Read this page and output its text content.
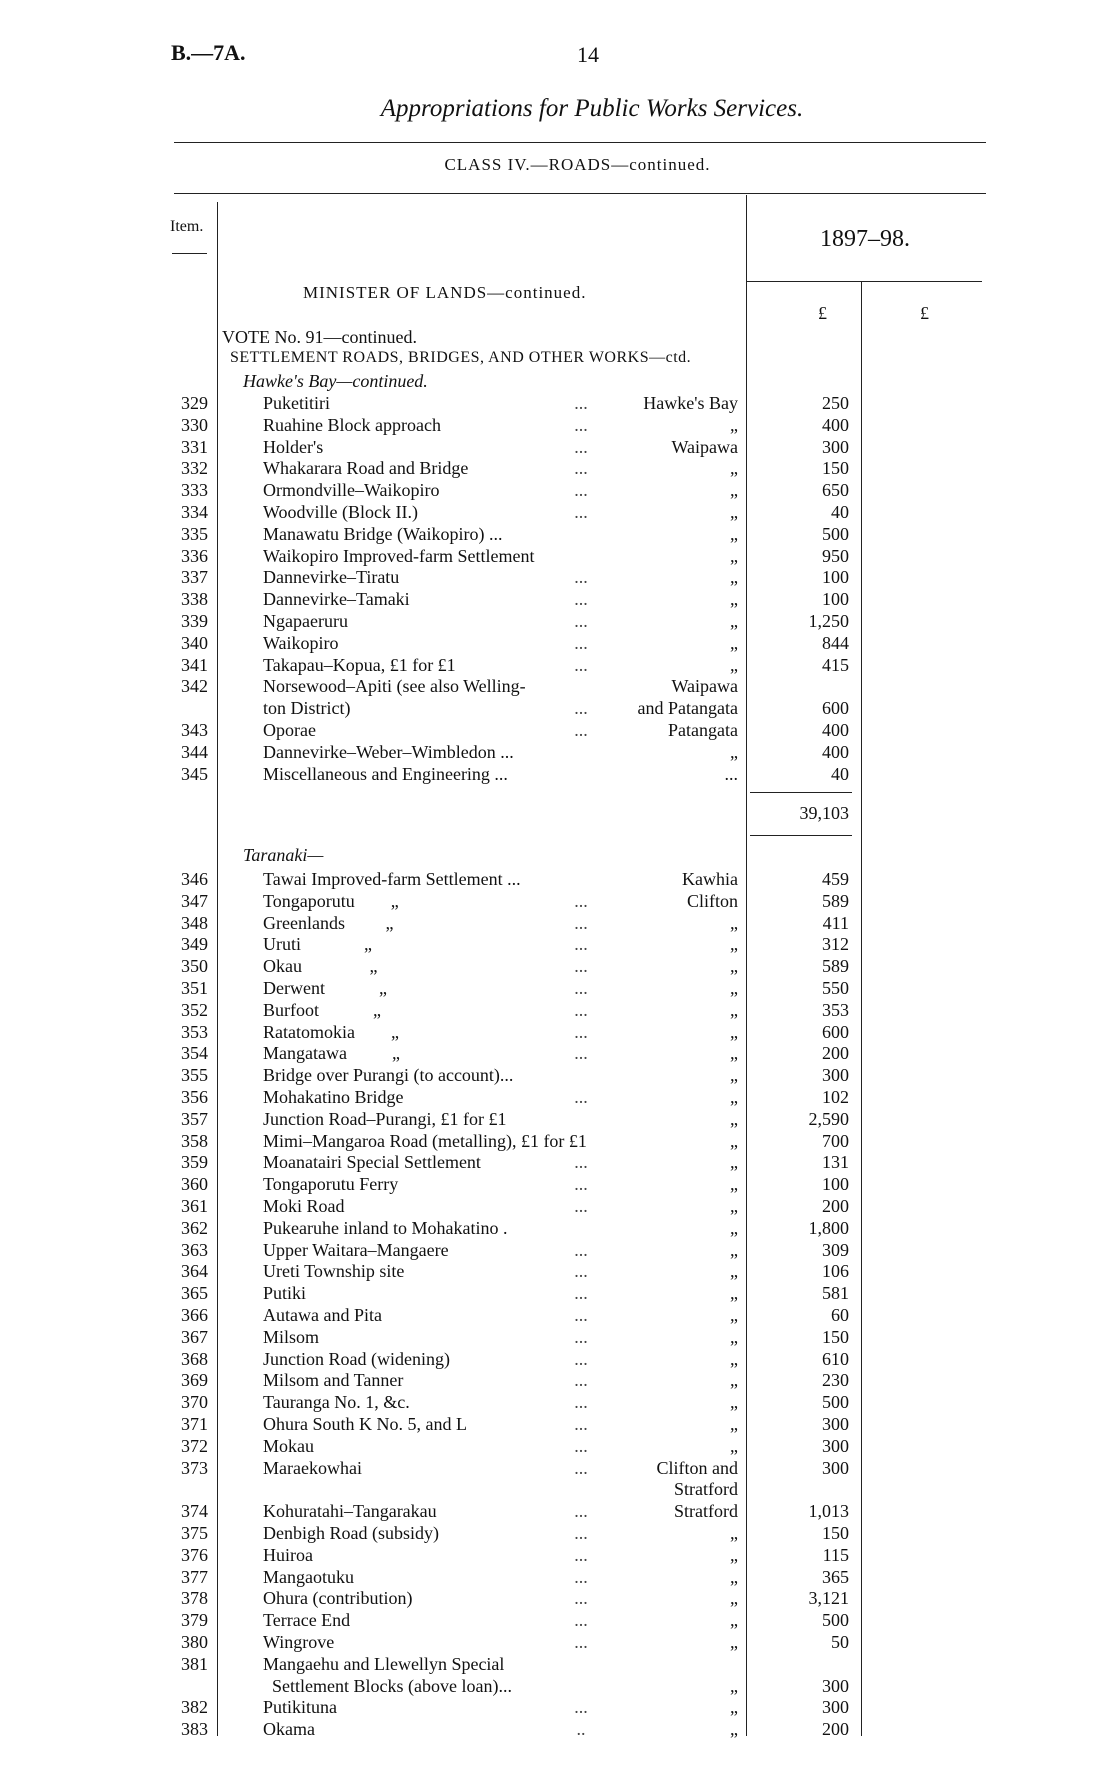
B.—7A.	14
Appropriations for Public Works Services.
CLASS IV.—ROADS—continued.
Item.	1897–98.
MINISTER OF LANDS—continued.
£	£
VOTE No. 91—continued.
SETTLEMENT ROADS, BRIDGES, AND OTHER WORKS—ctd.
Hawke's Bay—continued.
329	Puketitiri	...	Hawke's Bay	250
330	Ruahine Block approach	...	„	400
331	Holder's	...	Waipawa	300
332	Whakarara Road and Bridge	...	„	150
333	Ormondville–Waikopiro	...	„	650
334	Woodville (Block II.)	...	„	40
335	Manawatu Bridge (Waikopiro) ...	„	500
336	Waikopiro Improved-farm Settlement	„	950
337	Dannevirke–Tiratu	...	„	100
338	Dannevirke–Tamaki	...	„	100
339	Ngapaeruru	...	„	1,250
340	Waikopiro	...	„	844
341	Takapau–Kopua, £1 for £1	...	„	415
342	Norsewood–Apiti (see also Welling-	Waipawa
ton District)	...	and Patangata	600
343	Oporae	...	Patangata	400
344	Dannevirke–Weber–Wimbledon ...	„	400
345	Miscellaneous and Engineering ...	...	40
39,103
Taranaki—
346	Tawai Improved-farm Settlement ...	Kawhia	459
347	Tongaporutu        „	...	Clifton	589
348	Greenlands         „	...	„	411
349	Uruti              „	...	„	312
350	Okau               „	...	„	589
351	Derwent            „	...	„	550
352	Burfoot            „	...	„	353
353	Ratatomokia        „	...	„	600
354	Mangatawa          „	...	„	200
355	Bridge over Purangi (to account)...	„	300
356	Mohakatino Bridge	...	„	102
357	Junction Road–Purangi, £1 for £1	„	2,590
358	Mimi–Mangaroa Road (metalling), £1 for £1	„	700
359	Moanatairi Special Settlement	...	„	131
360	Tongaporutu Ferry	...	„	100
361	Moki Road	...	„	200
362	Pukearuhe inland to Mohakatino .	„	1,800
363	Upper Waitara–Mangaere	...	„	309
364	Ureti Township site	...	„	106
365	Putiki	...	„	581
366	Autawa and Pita	...	„	60
367	Milsom	...	„	150
368	Junction Road (widening)	...	„	610
369	Milsom and Tanner	...	„	230
370	Tauranga No. 1, &c.	...	„	500
371	Ohura South K No. 5, and L	...	„	300
372	Mokau	...	„	300
373	Maraekowhai	...	Clifton and	300
Stratford
374	Kohuratahi–Tangarakau	...	Stratford	1,013
375	Denbigh Road (subsidy)	...	„	150
376	Huiroa	...	„	115
377	Mangaotuku	...	„	365
378	Ohura (contribution)	...	„	3,121
379	Terrace End	...	„	500
380	Wingrove	...	„	50
381	Mangaehu and Llewellyn Special
Settlement Blocks (above loan)...	„	300
382	Putikituna	...	„	300
383	Okama	..	„	200
